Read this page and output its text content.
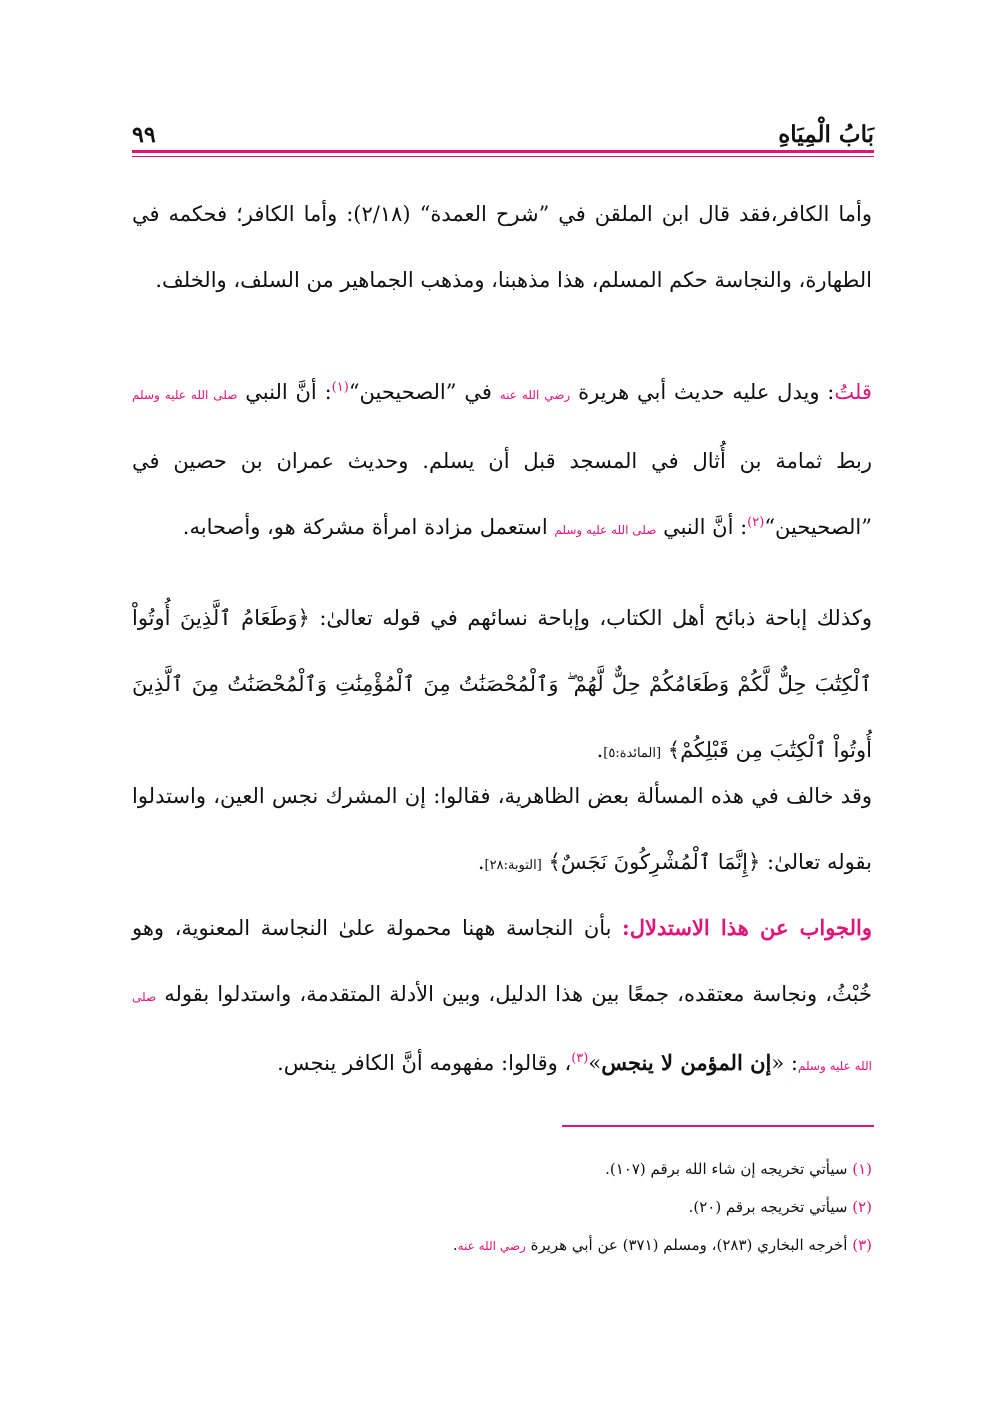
٩٩	بَابُ الْمِيَاهِ

وأما الكافر،فقد قال ابن الملقن في ”شرح العمدة“ (٢/١٨): وأما الكافر؛ فحكمه في الطهارة، والنجاسة حكم المسلم، هذا مذهبنا، ومذهب الجماهير من السلف، والخلف.

قلتُ: ويدل عليه حديث أبي هريرة رضي الله عنه في ”الصحيحين“$^{(١)}$: أنَّ النبي صلى الله عليه وسلم ربط ثمامة بن أُثال في المسجد قبل أن يسلم. وحديث عمران بن حصين في ”الصحيحين“$^{(٢)}$: أنَّ النبي صلى الله عليه وسلم استعمل مزادة امرأة مشركة هو، وأصحابه.

وكذلك إباحة ذبائح أهل الكتاب، وإباحة نسائهم في قوله تعالىٰ: ﴿وَطَعَامُ ٱلَّذِينَ أُوتُواْ ٱلْكِتَٰبَ حِلٌّ لَّكُمْ وَطَعَامُكُمْ حِلٌّ لَّهُمْ ۖ وَٱلْمُحْصَنَٰتُ مِنَ ٱلْمُؤْمِنَٰتِ وَٱلْمُحْصَنَٰتُ مِنَ ٱلَّذِينَ أُوتُواْ ٱلْكِتَٰبَ مِن قَبْلِكُمْ﴾ [المائدة:٥].

وقد خالف في هذه المسألة بعض الظاهرية، فقالوا: إن المشرك نجس العين، واستدلوا بقوله تعالىٰ: ﴿إِنَّمَا ٱلْمُشْرِكُونَ نَجَسٌ﴾ [التوبة:٢٨].

والجواب عن هذا الاستدلال: بأن النجاسة ههنا محمولة علىٰ النجاسة المعنوية، وهو خُبْثُ، ونجاسة معتقده، جمعًا بين هذا الدليل، وبين الأدلة المتقدمة، واستدلوا بقوله صلى الله عليه وسلم: «إن المؤمن لا ينجس»$^{(٣)}$، وقالوا: مفهومه أنَّ الكافر ينجس.

(١) سيأتي تخريجه إن شاء الله برقم (١٠٧).
(٢) سيأتي تخريجه برقم (٢٠).
(٣) أخرجه البخاري (٢٨٣)، ومسلم (٣٧١) عن أبي هريرة رضي الله عنه.
